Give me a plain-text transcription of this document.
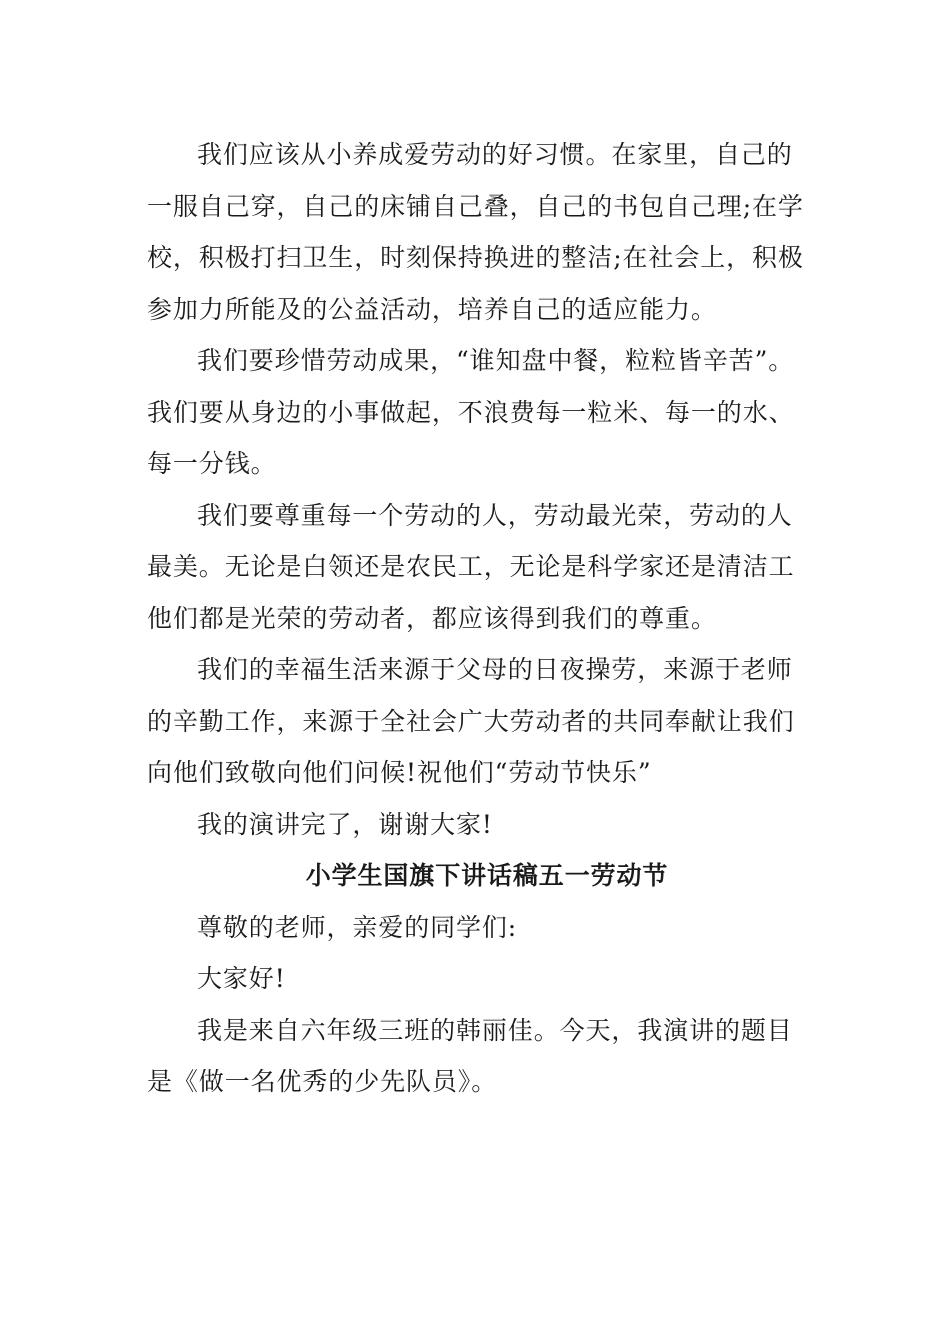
我们应该从小养成爱劳动的好习惯。在家里，自己的
一服自己穿，自己的床铺自己叠，自己的书包自己理;在学
校，积极打扫卫生，时刻保持换进的整洁;在社会上，积极
参加力所能及的公益活动，培养自己的适应能力。
我们要珍惜劳动成果，“谁知盘中餐，粒粒皆辛苦”。
我们要从身边的小事做起，不浪费每一粒米、每一的水、
每一分钱。
我们要尊重每一个劳动的人，劳动最光荣，劳动的人
最美。无论是白领还是农民工，无论是科学家还是清洁工
他们都是光荣的劳动者，都应该得到我们的尊重。
我们的幸福生活来源于父母的日夜操劳，来源于老师
的辛勤工作，来源于全社会广大劳动者的共同奉献让我们
向他们致敬向他们问候!祝他们“劳动节快乐”
我的演讲完了，谢谢大家!
小学生国旗下讲话稿五一劳动节
尊敬的老师，亲爱的同学们:
大家好!
我是来自六年级三班的韩丽佳。今天，我演讲的题目
是《做一名优秀的少先队员》。
